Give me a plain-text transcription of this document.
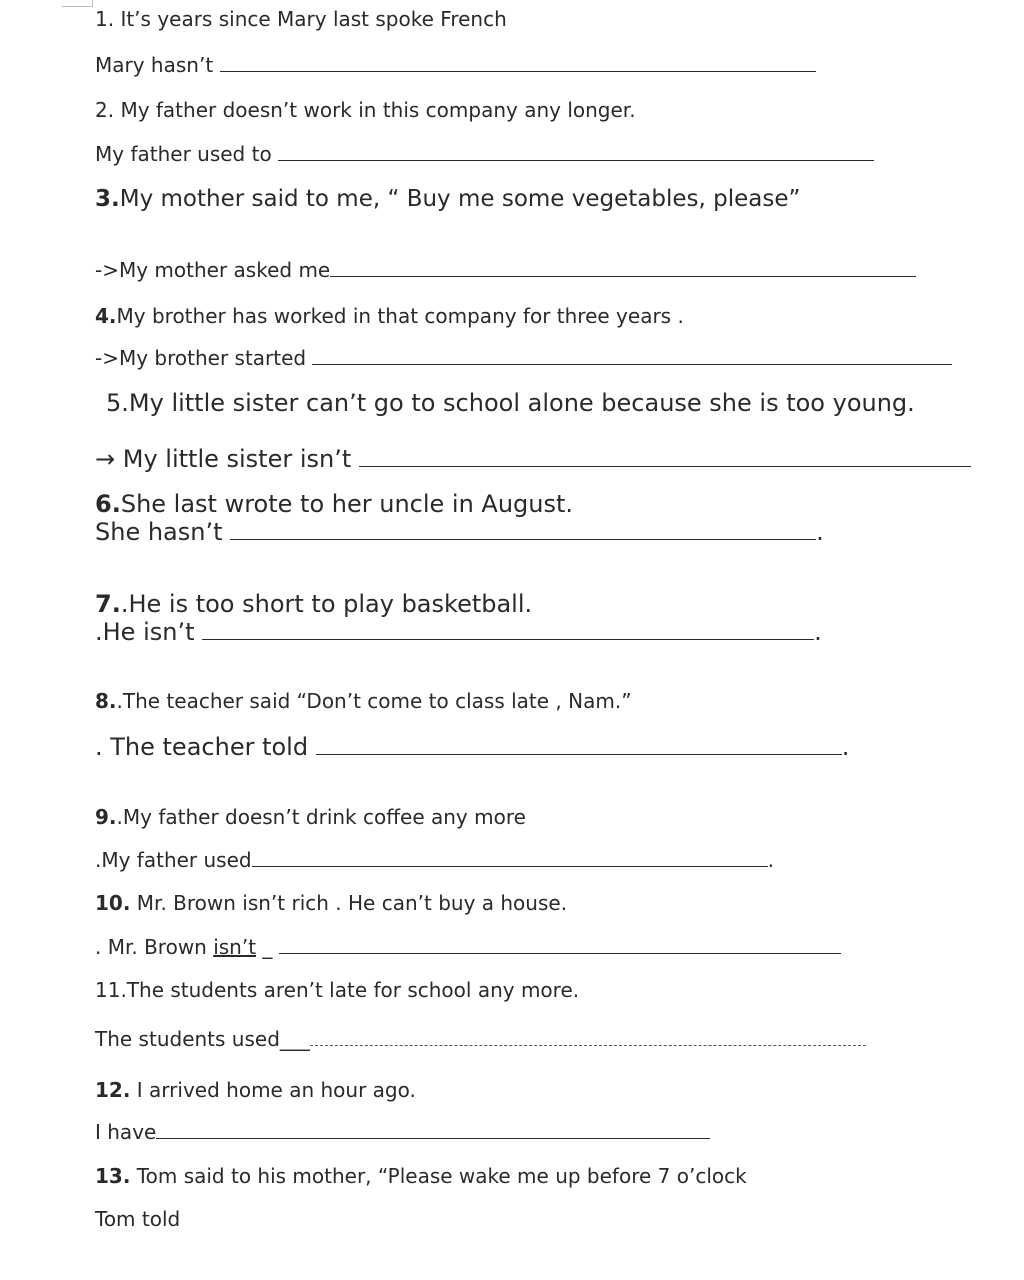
1. It’s years since Mary last spoke French
Mary hasn’t
2. My father doesn’t work in this company any longer.
My father used to
3.My mother said to me, “ Buy me some vegetables, please”
->My mother asked me
4.My brother has worked in that company for three years .
->My brother started
5.My little sister can’t go to school alone because she is too young.
→ My little sister isn’t
6.She last wrote to her uncle in August.
She hasn’t	.
7..He is too short to play basketball.
.He isn’t	.
8..The teacher said “Don’t come to class late , Nam.”
. The teacher told	.
9..My father doesn’t drink coffee any more
.My father used	.
10. Mr. Brown isn’t rich . He can’t buy a house.
. Mr. Brown isn’t _
11.The students aren’t late for school any more.
The students used___
12. I arrived home an hour ago.
I have
13. Tom said to his mother, “Please wake me up before 7 o’clock
Tom told
